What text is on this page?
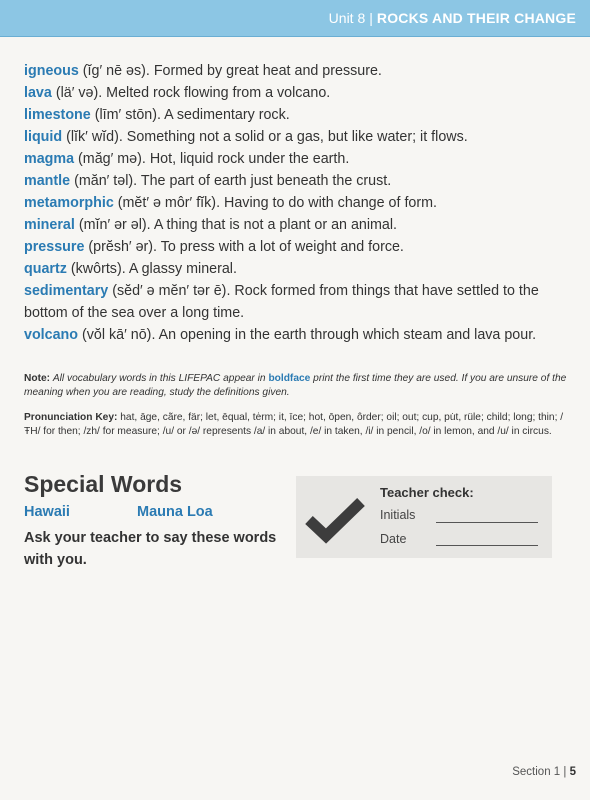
Unit 8 | ROCKS AND THEIR CHANGE

igneous (ĭg′ nē əs). Formed by great heat and pressure.

lava (lä′ və). Melted rock flowing from a volcano.

limestone (līm′ stōn). A sedimentary rock.

liquid (lĭk′ wĭd). Something not a solid or a gas, but like water; it flows.

magma (măg′ mə). Hot, liquid rock under the earth.

mantle (măn′ təl). The part of earth just beneath the crust.

metamorphic (mĕt′ ə môr′ fĭk). Having to do with change of form.

mineral (mĭn′ ər əl). A thing that is not a plant or an animal.

pressure (prĕsh′ ər). To press with a lot of weight and force.

quartz (kwôrts). A glassy mineral.

sedimentary (sĕd′ ə mĕn′ tər ē). Rock formed from things that have settled to the bottom of the sea over a long time.

volcano (vŏl kā′ nō). An opening in the earth through which steam and lava pour.

Note: All vocabulary words in this LIFEPAC appear in boldface print the first time they are used. If you are unsure of the meaning when you are reading, study the definitions given.
Pronunciation Key: hat, āge, cãre, fär; let, ēqual, tėrm; it, īce; hot, ōpen, ôrder; oil; out; cup, pu̇t, rüle; child; long; thin; /ŦH/ for then; /zh/ for measure; /u/ or /ə/ represents /a/ in about, /e/ in taken, /i/ in pencil, /o/ in lemon, and /u/ in circus.
Special Words
Hawaii	Mauna Loa
Ask your teacher to say these words with you.
Teacher check:
Initials
Date
Section 1 | 5
